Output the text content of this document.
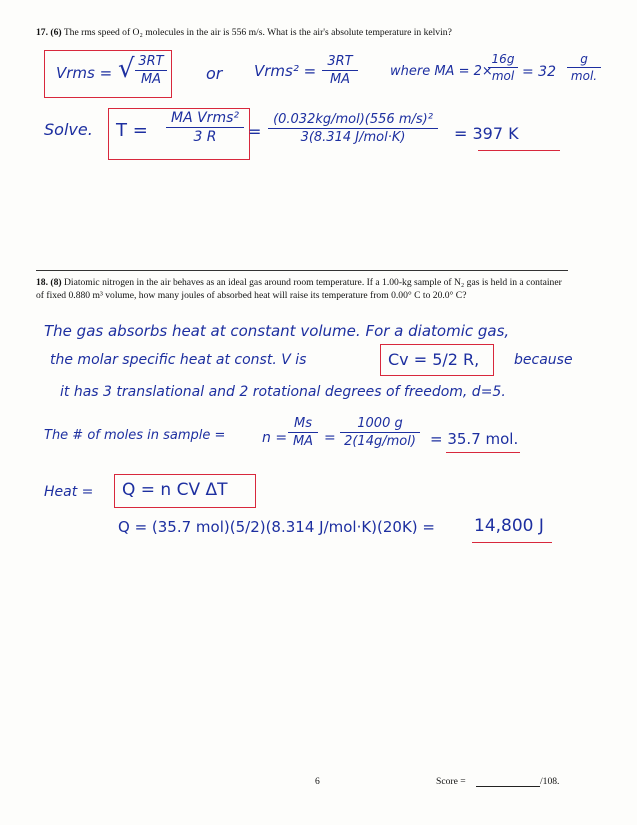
17. (6) The rms speed of O₂ molecules in the air is 556 m/s. What is the air's absolute temperature in kelvin?
Vrms = √ 3RT
MA	or Vrms² =
3RT
MA
where MA = 2×
16g
mol = 32
g
mol.
Solve. T =
MA Vrms²
3 R	=
(0.032kg/mol)(556 m/s)²
3(8.314 J/mol·K)	= 397 K
18. (8) Diatomic nitrogen in the air behaves as an ideal gas around room temperature. If a 1.00-kg sample of N₂ gas is held in a container of fixed 0.880 m³ volume, how many joules of absorbed heat will raise its temperature from 0.00° C to 20.0° C?
The gas absorbs heat at constant volume. For a diatomic gas,
the molar specific heat at const. V is	Cv = 5/2 R, because
it has 3 translational and 2 rotational degrees of freedom, d=5.
The # of moles in sample =	n =
Ms
MA =
1000 g
2(14g/mol) = 35.7 mol.
Heat = Q = n CV ΔT
Q = (35.7 mol)(5/2)(8.314 J/mol·K)(20K) = 14,800 J
6	Score =	/108.
